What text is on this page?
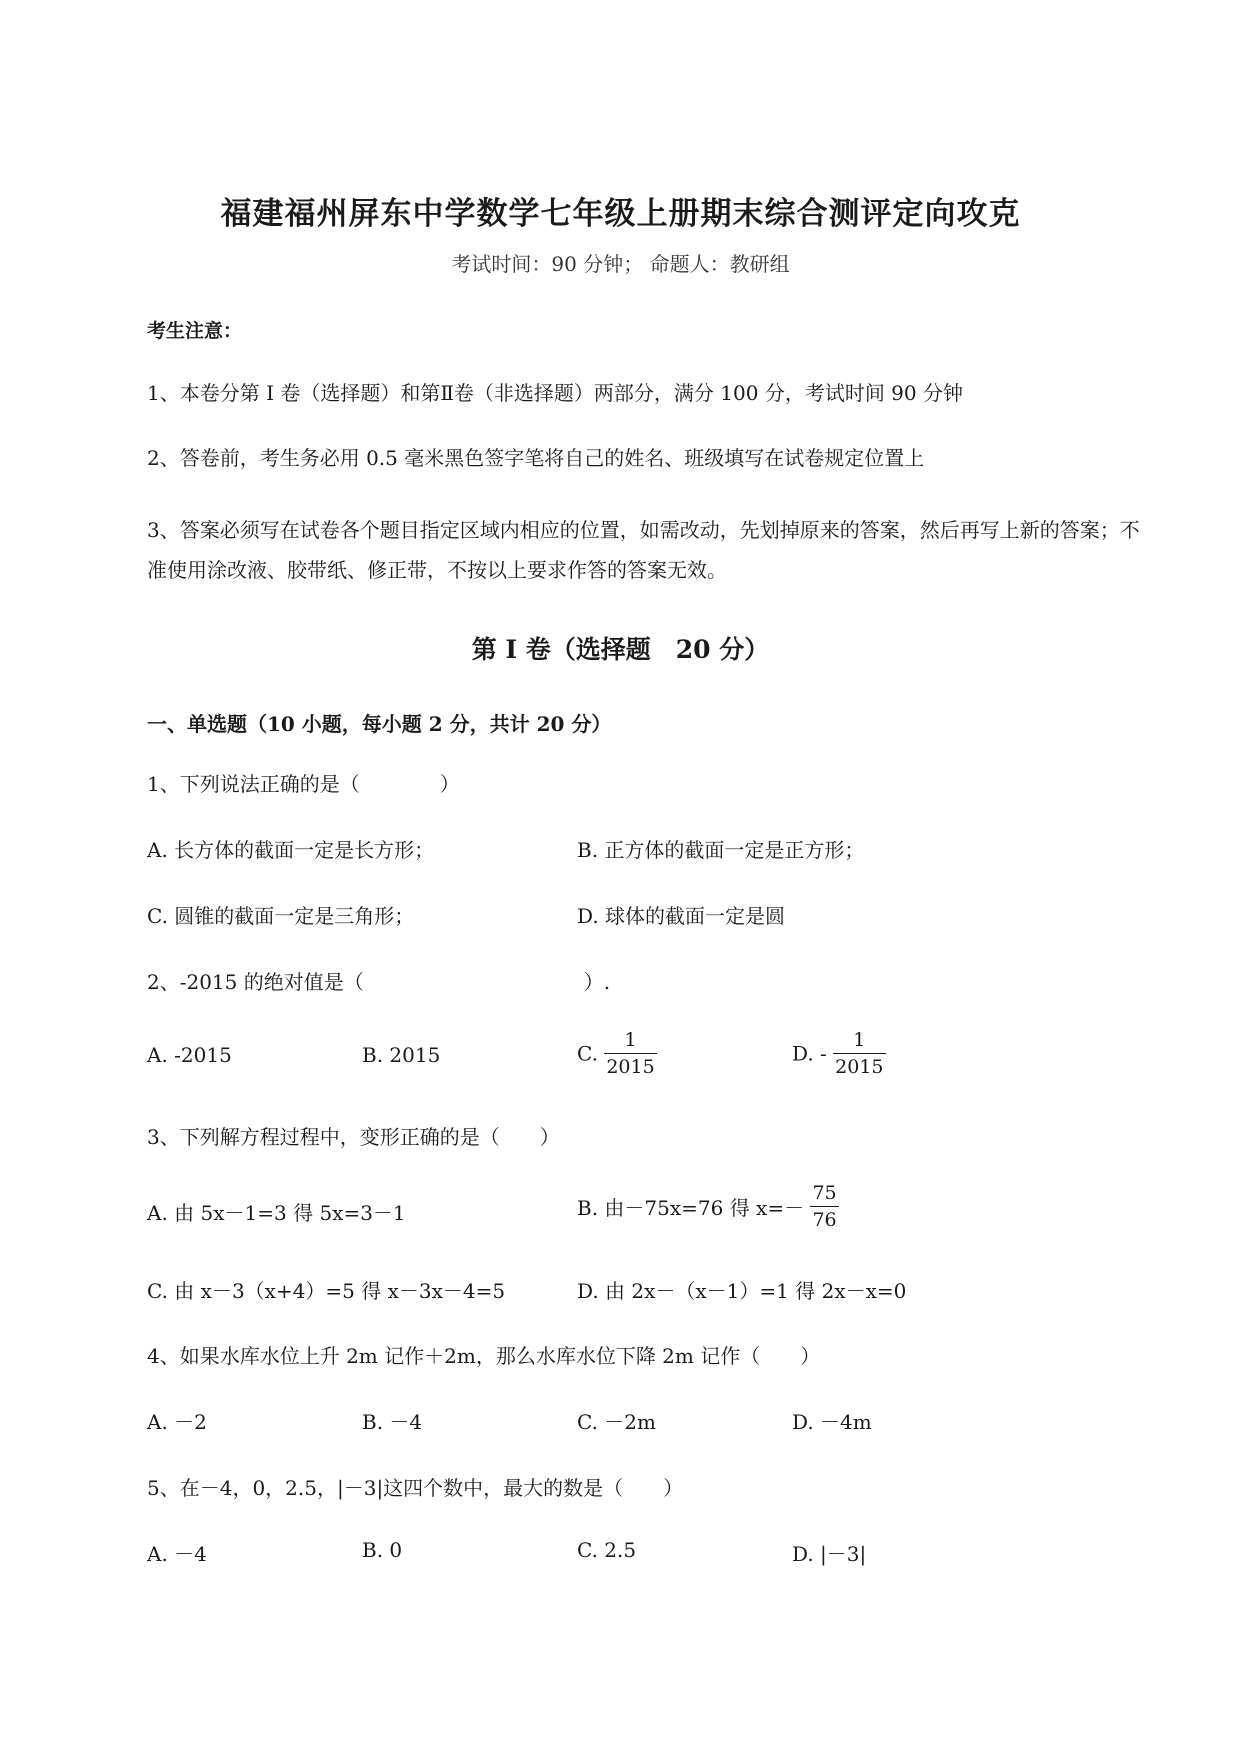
福建福州屏东中学数学七年级上册期末综合测评定向攻克
考试时间：90 分钟； 命题人：教研组
考生注意：
1、本卷分第 I 卷（选择题）和第Ⅱ卷（非选择题）两部分，满分 100 分，考试时间 90 分钟
2、答卷前，考生务必用 0.5 毫米黑色签字笔将自己的姓名、班级填写在试卷规定位置上
3、答案必须写在试卷各个题目指定区域内相应的位置，如需改动，先划掉原来的答案，然后再写上新的答案；不准使用涂改液、胶带纸、修正带，不按以上要求作答的答案无效。
第 I 卷（选择题　20 分）
一、单选题（10 小题，每小题 2 分，共计 20 分）
1、下列说法正确的是（　　　　）
A. 长方体的截面一定是长方形；	B. 正方体的截面一定是正方形；
C. 圆锥的截面一定是三角形；	D. 球体的截面一定是圆
2、-2015 的绝对值是（　　　　　　　　　　　）.
A. -2015	B. 2015	C. $\frac{1}{2015}$	D. - $\frac{1}{2015}$
3、下列解方程过程中，变形正确的是（　　）
A. 由 5x－1=3 得 5x=3－1	B. 由－75x=76 得 $x=- \frac{75}{76}$
C. 由 x－3（x+4）=5 得 x－3x－4=5	D. 由 2x－（x－1）=1 得 2x－x=0
4、如果水库水位上升 2m 记作＋2m，那么水库水位下降 2m 记作（　　）
A. －2	B. －4	C. －2m	D. －4m
5、在－4，0，2.5，|－3|这四个数中，最大的数是（　　）
A. －4	B. 0	C. 2.5	D. |－3|
